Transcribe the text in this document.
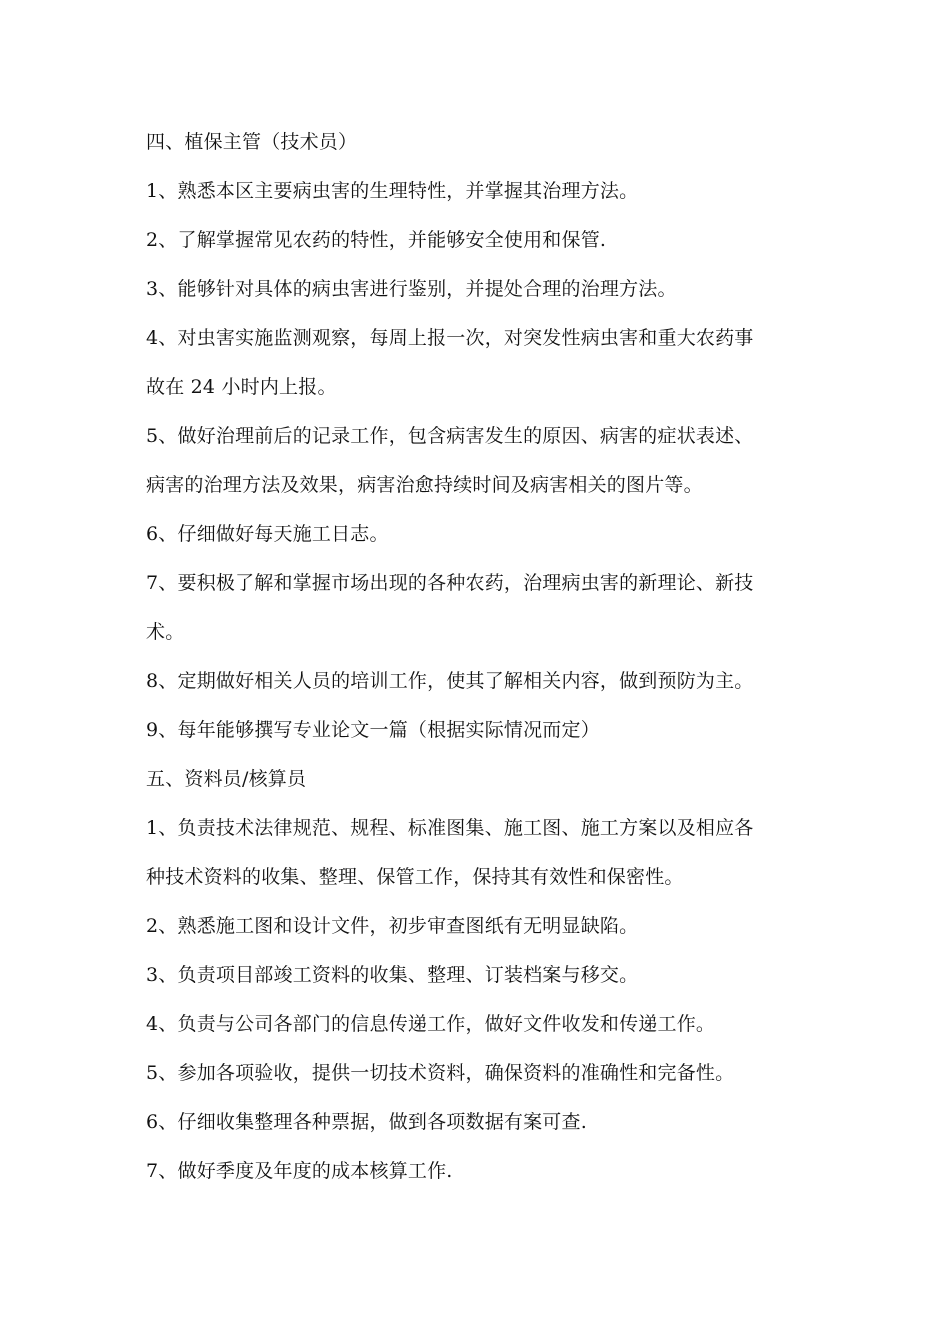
四、植保主管（技术员）
1、熟悉本区主要病虫害的生理特性，并掌握其治理方法。
2、了解掌握常见农药的特性，并能够安全使用和保管.
3、能够针对具体的病虫害进行鉴别，并提处合理的治理方法。
4、对虫害实施监测观察，每周上报一次，对突发性病虫害和重大农药事
故在 24 小时内上报。
5、做好治理前后的记录工作，包含病害发生的原因、病害的症状表述、
病害的治理方法及效果，病害治愈持续时间及病害相关的图片等。
6、仔细做好每天施工日志。
7、要积极了解和掌握市场出现的各种农药，治理病虫害的新理论、新技
术。
8、定期做好相关人员的培训工作，使其了解相关内容，做到预防为主。
9、每年能够撰写专业论文一篇（根据实际情况而定）
五、资料员/核算员
1、负责技术法律规范、规程、标准图集、施工图、施工方案以及相应各
种技术资料的收集、整理、保管工作，保持其有效性和保密性。
2、熟悉施工图和设计文件，初步审查图纸有无明显缺陷。
3、负责项目部竣工资料的收集、整理、订装档案与移交。
4、负责与公司各部门的信息传递工作，做好文件收发和传递工作。
5、参加各项验收，提供一切技术资料，确保资料的准确性和完备性。
6、仔细收集整理各种票据，做到各项数据有案可查.
7、做好季度及年度的成本核算工作.
